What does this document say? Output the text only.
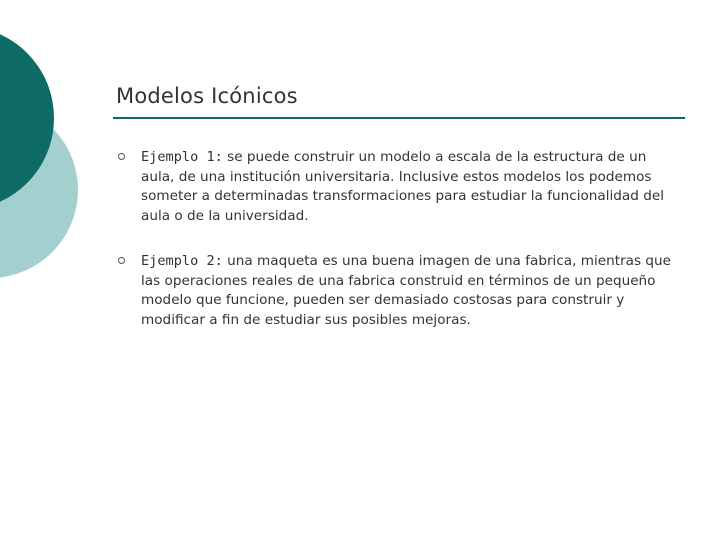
Modelos Icónicos
Ejemplo 1: se puede construir un modelo a escala de la estructura de un aula, de una institución universitaria. Inclusive estos modelos los podemos someter a determinadas transformaciones para estudiar la funcionalidad del aula o de la universidad.
Ejemplo 2: una maqueta es una buena imagen de una fabrica, mientras que las operaciones reales de una fabrica construid en términos de un pequeño modelo que funcione, pueden ser demasiado costosas para construir y modificar a fin de estudiar sus posibles mejoras.
